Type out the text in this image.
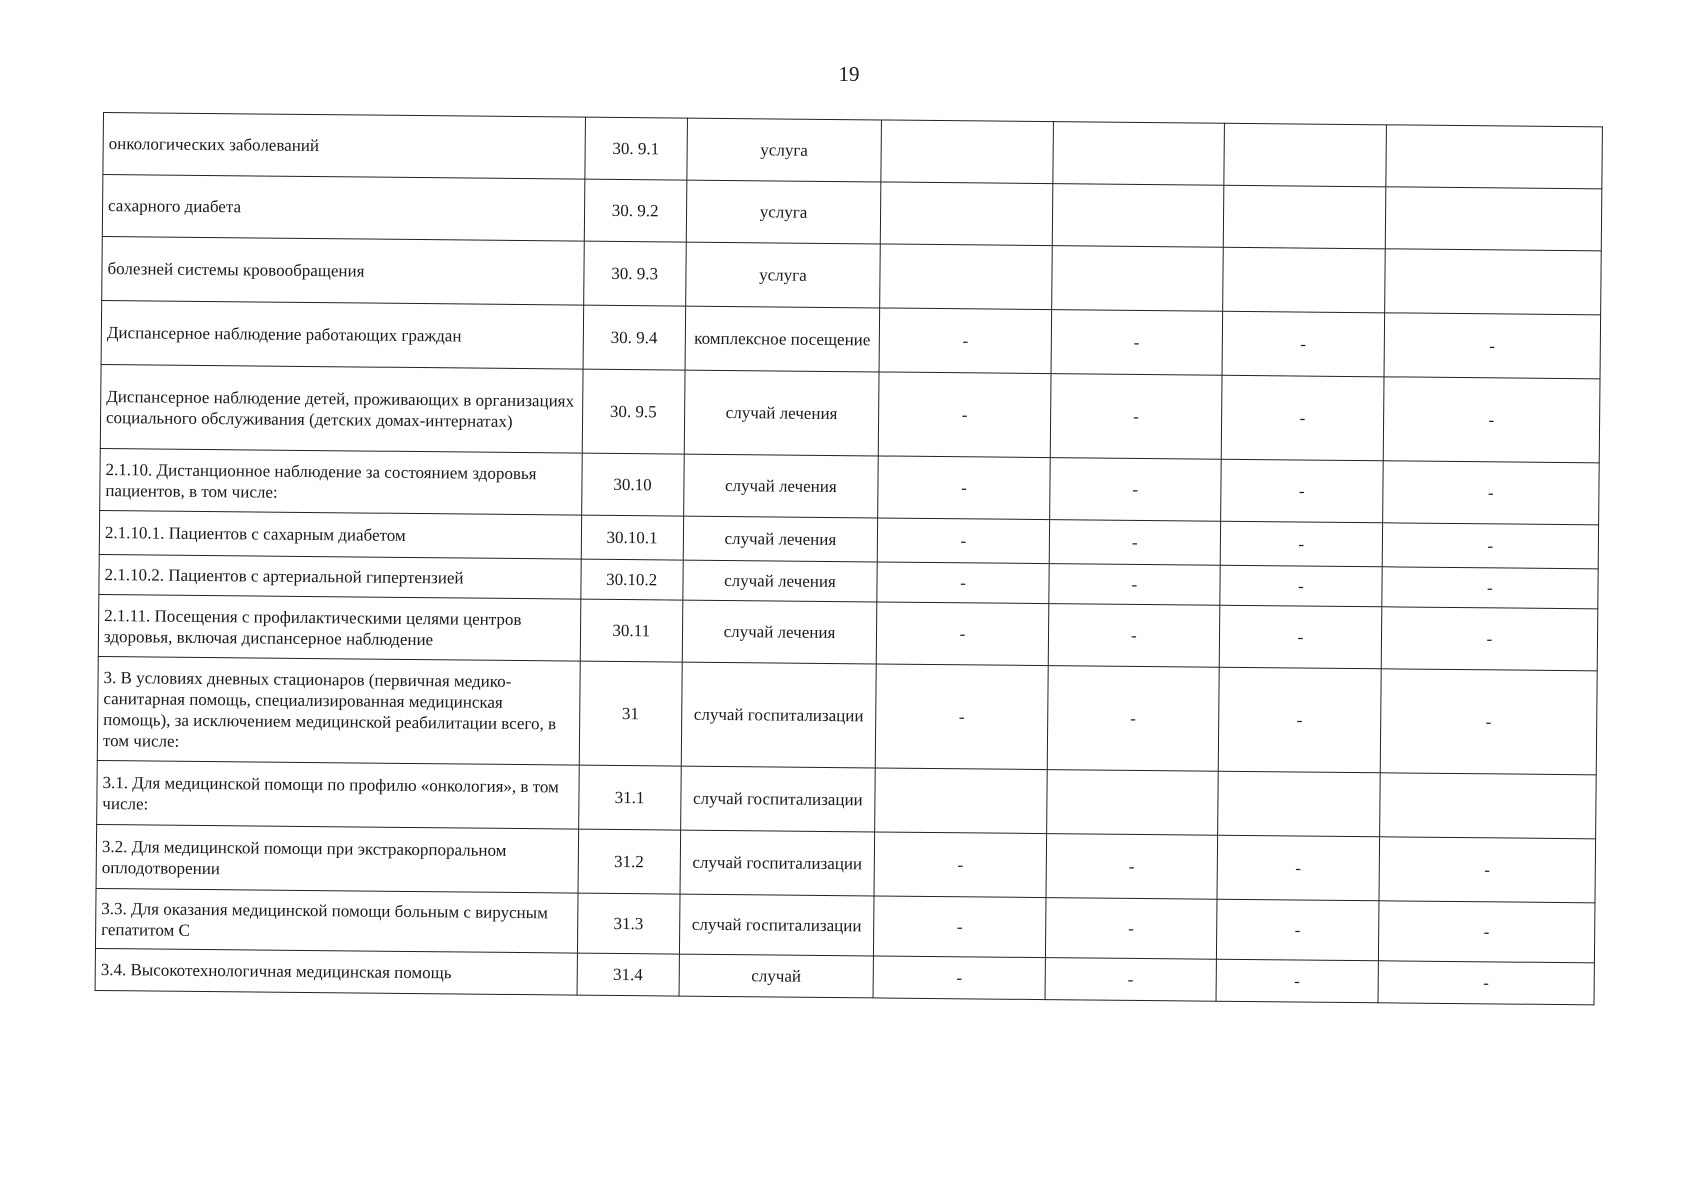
19
онкологических заболеваний	30. 9.1	услуга				
сахарного диабета	30. 9.2	услуга				
болезней системы кровообращения	30. 9.3	услуга				
Диспансерное наблюдение работающих граждан	30. 9.4	комплексное посещение	-	-	-	-
Диспансерное наблюдение детей, проживающих в организациях социального обслуживания (детских домах-интернатах)	30. 9.5	случай лечения	-	-	-	-
2.1.10. Дистанционное наблюдение за состоянием здоровья пациентов, в том числе:	30.10	случай лечения	-	-	-	-
2.1.10.1. Пациентов с сахарным диабетом	30.10.1	случай лечения	-	-	-	-
2.1.10.2. Пациентов с артериальной гипертензией	30.10.2	случай лечения	-	-	-	-
2.1.11. Посещения с профилактическими целями центров здоровья, включая диспансерное наблюдение	30.11	случай лечения	-	-	-	-
3. В условиях дневных стационаров (первичная медико-санитарная помощь, специализированная медицинская помощь), за исключением медицинской реабилитации всего, в том числе:	31	случай госпитализации	-	-	-	-
3.1. Для медицинской помощи по профилю «онкология», в том числе:	31.1	случай госпитализации				
3.2. Для медицинской помощи при экстракорпоральном оплодотворении	31.2	случай госпитализации	-	-	-	-
3.3. Для оказания медицинской помощи больным с вирусным гепатитом С	31.3	случай госпитализации	-	-	-	-
3.4. Высокотехнологичная медицинская помощь	31.4	случай	-	-	-	-
